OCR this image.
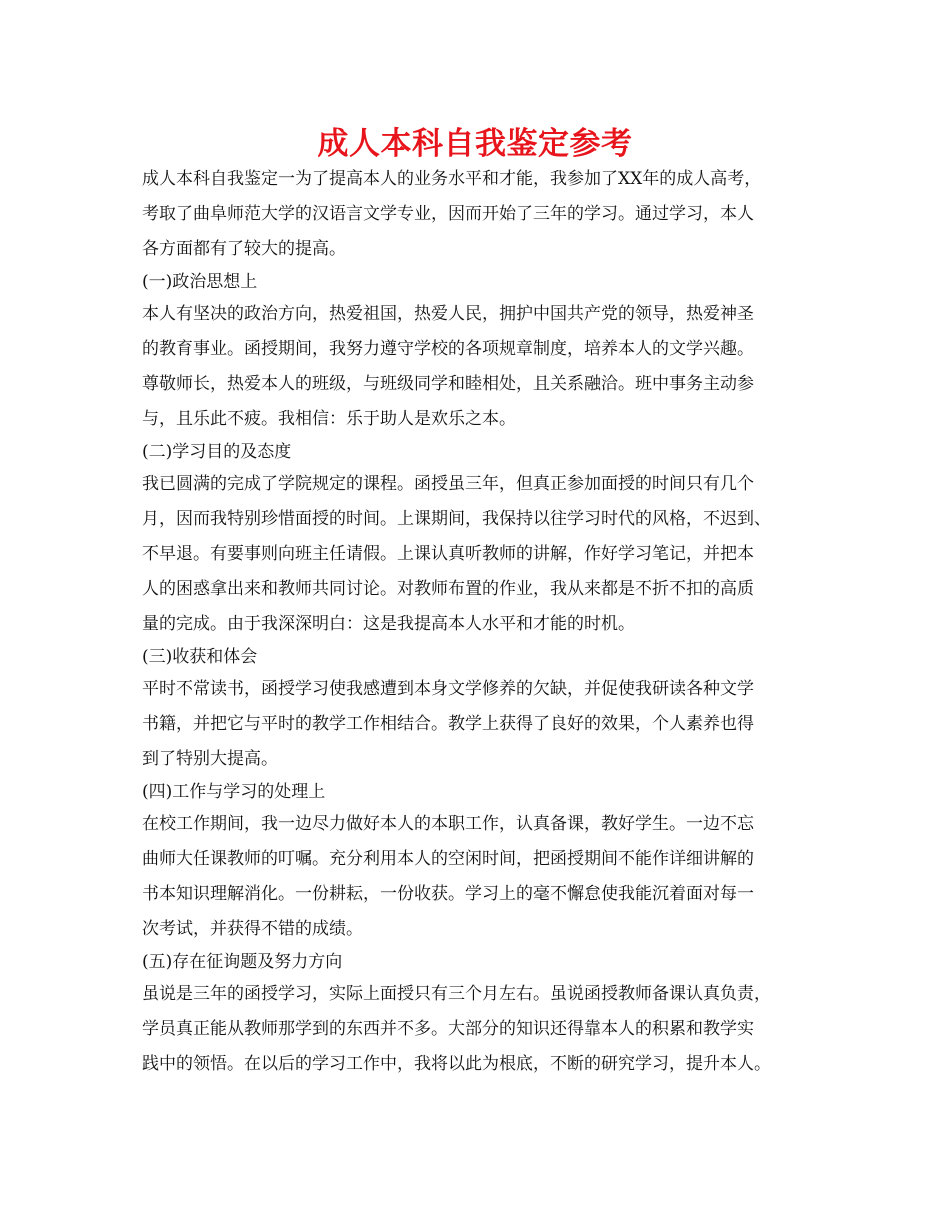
成人本科自我鉴定参考
成人本科自我鉴定一为了提高本人的业务水平和才能，我参加了XX年的成人高考，
考取了曲阜师范大学的汉语言文学专业，因而开始了三年的学习。通过学习，本人
各方面都有了较大的提高。
(一)政治思想上
本人有坚决的政治方向，热爱祖国，热爱人民，拥护中国共产党的领导，热爱神圣
的教育事业。函授期间，我努力遵守学校的各项规章制度，培养本人的文学兴趣。
尊敬师长，热爱本人的班级，与班级同学和睦相处，且关系融洽。班中事务主动参
与，且乐此不疲。我相信：乐于助人是欢乐之本。
(二)学习目的及态度
我已圆满的完成了学院规定的课程。函授虽三年，但真正参加面授的时间只有几个
月，因而我特别珍惜面授的时间。上课期间，我保持以往学习时代的风格，不迟到、
不早退。有要事则向班主任请假。上课认真听教师的讲解，作好学习笔记，并把本
人的困惑拿出来和教师共同讨论。对教师布置的作业，我从来都是不折不扣的高质
量的完成。由于我深深明白：这是我提高本人水平和才能的时机。
(三)收获和体会
平时不常读书，函授学习使我感遭到本身文学修养的欠缺，并促使我研读各种文学
书籍，并把它与平时的教学工作相结合。教学上获得了良好的效果，个人素养也得
到了特别大提高。
(四)工作与学习的处理上
在校工作期间，我一边尽力做好本人的本职工作，认真备课，教好学生。一边不忘
曲师大任课教师的叮嘱。充分利用本人的空闲时间，把函授期间不能作详细讲解的
书本知识理解消化。一份耕耘，一份收获。学习上的毫不懈怠使我能沉着面对每一
次考试，并获得不错的成绩。
(五)存在征询题及努力方向
虽说是三年的函授学习，实际上面授只有三个月左右。虽说函授教师备课认真负责，
学员真正能从教师那学到的东西并不多。大部分的知识还得靠本人的积累和教学实
践中的领悟。在以后的学习工作中，我将以此为根底，不断的研究学习，提升本人。
